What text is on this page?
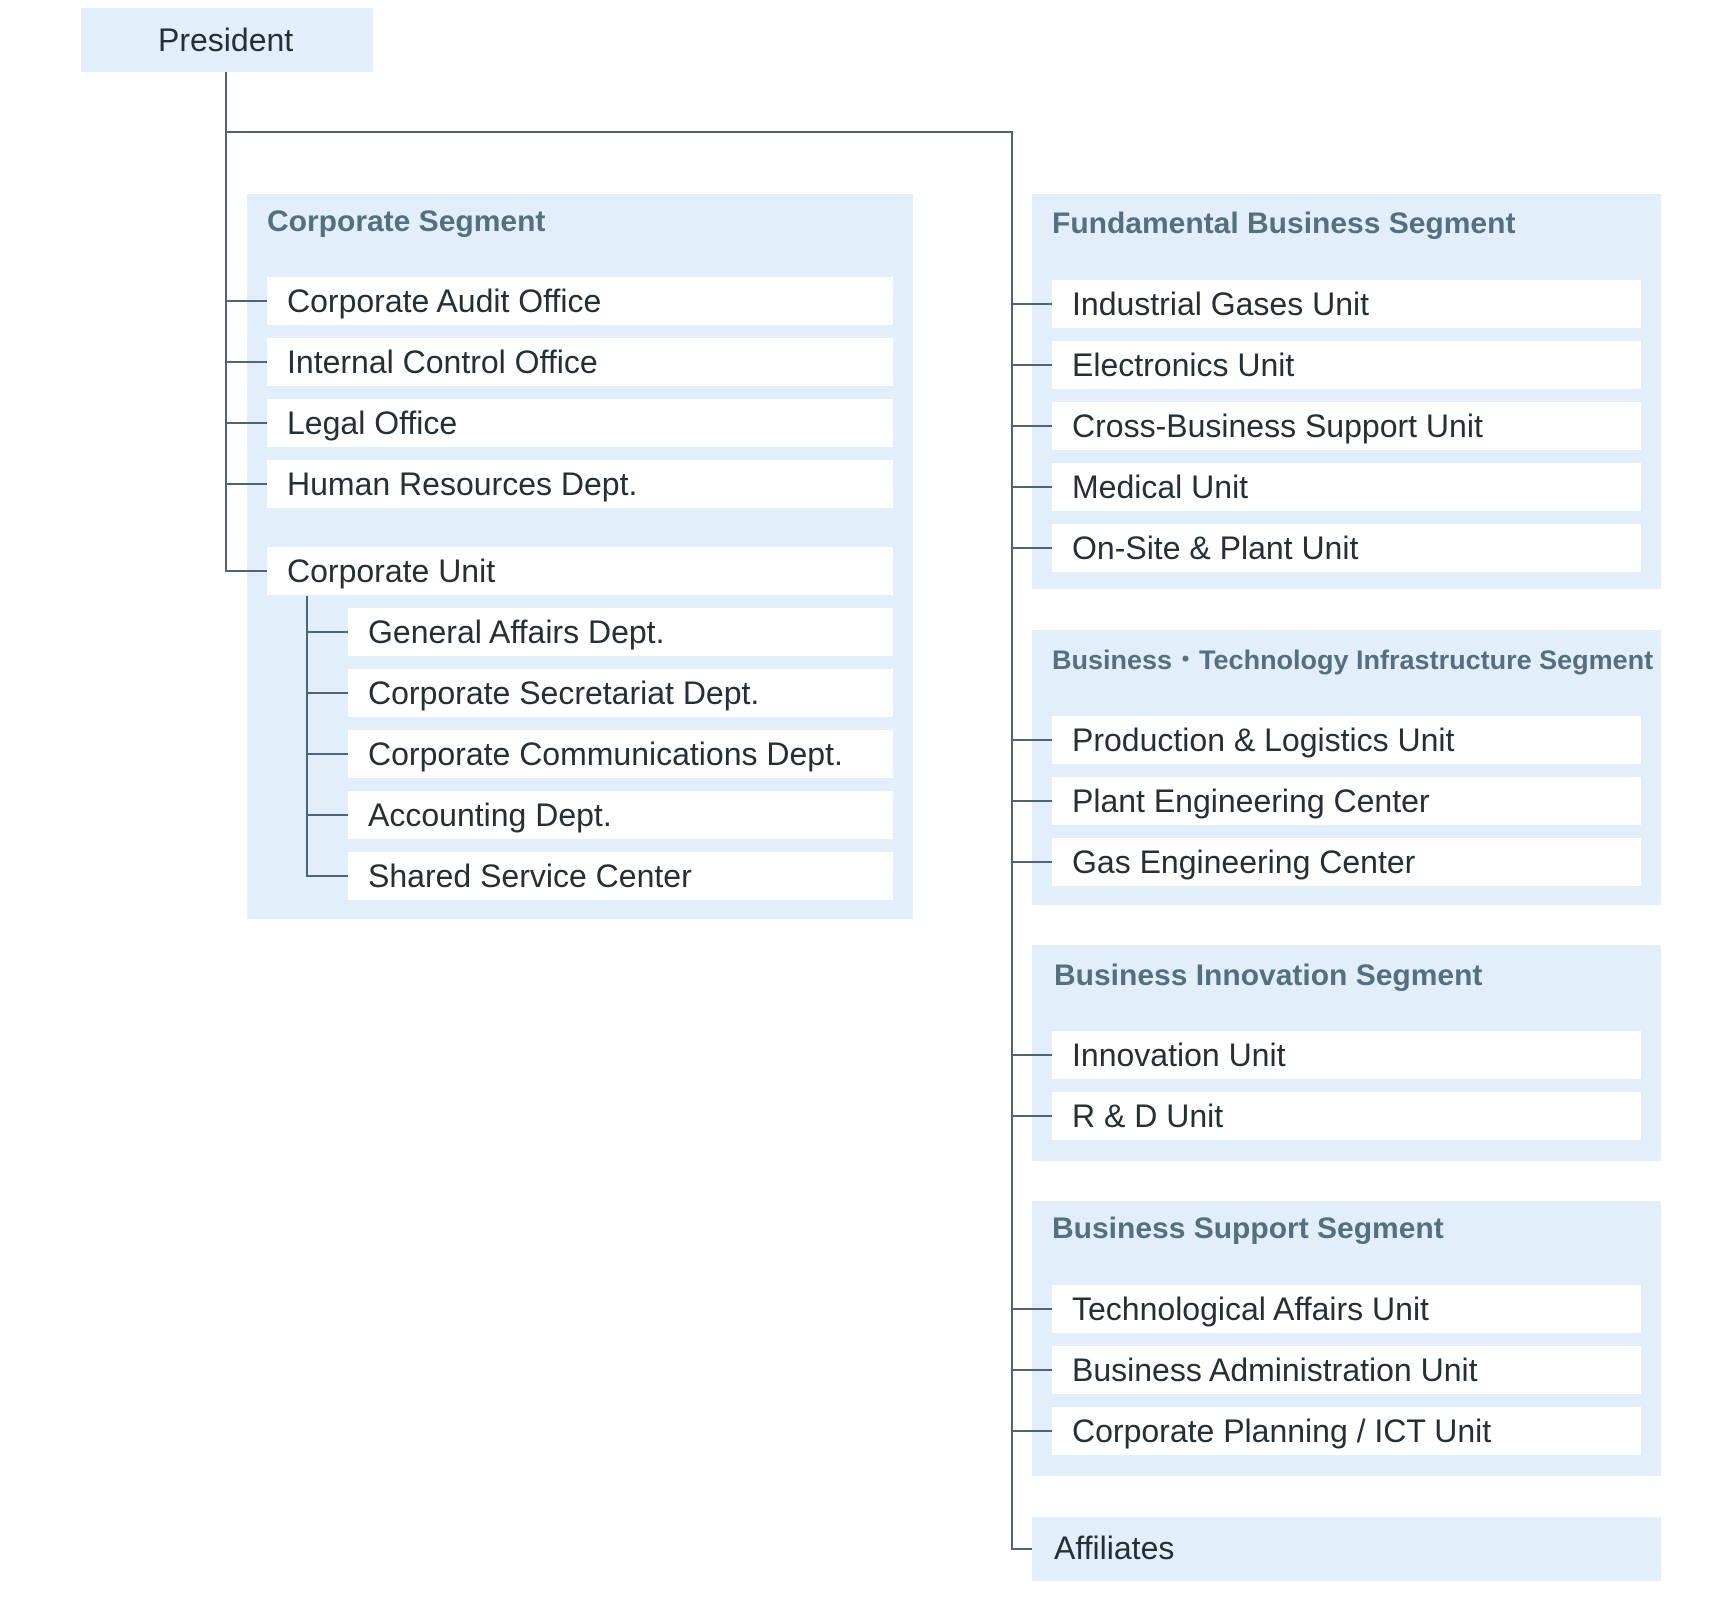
President
Corporate Segment
Corporate Audit Office
Internal Control Office
Legal Office
Human Resources Dept.
Corporate Unit
General Affairs Dept.
Corporate Secretariat Dept.
Corporate Communications Dept.
Accounting Dept.
Shared Service Center
Fundamental Business Segment
Industrial Gases Unit
Electronics Unit
Cross-Business Support Unit
Medical Unit
On-Site & Plant Unit
Business・Technology Infrastructure Segment
Production & Logistics Unit
Plant Engineering Center
Gas Engineering Center
Business Innovation Segment
Innovation Unit
R & D Unit
Business Support Segment
Technological Affairs Unit
Business Administration Unit
Corporate Planning / ICT Unit
Affiliates
